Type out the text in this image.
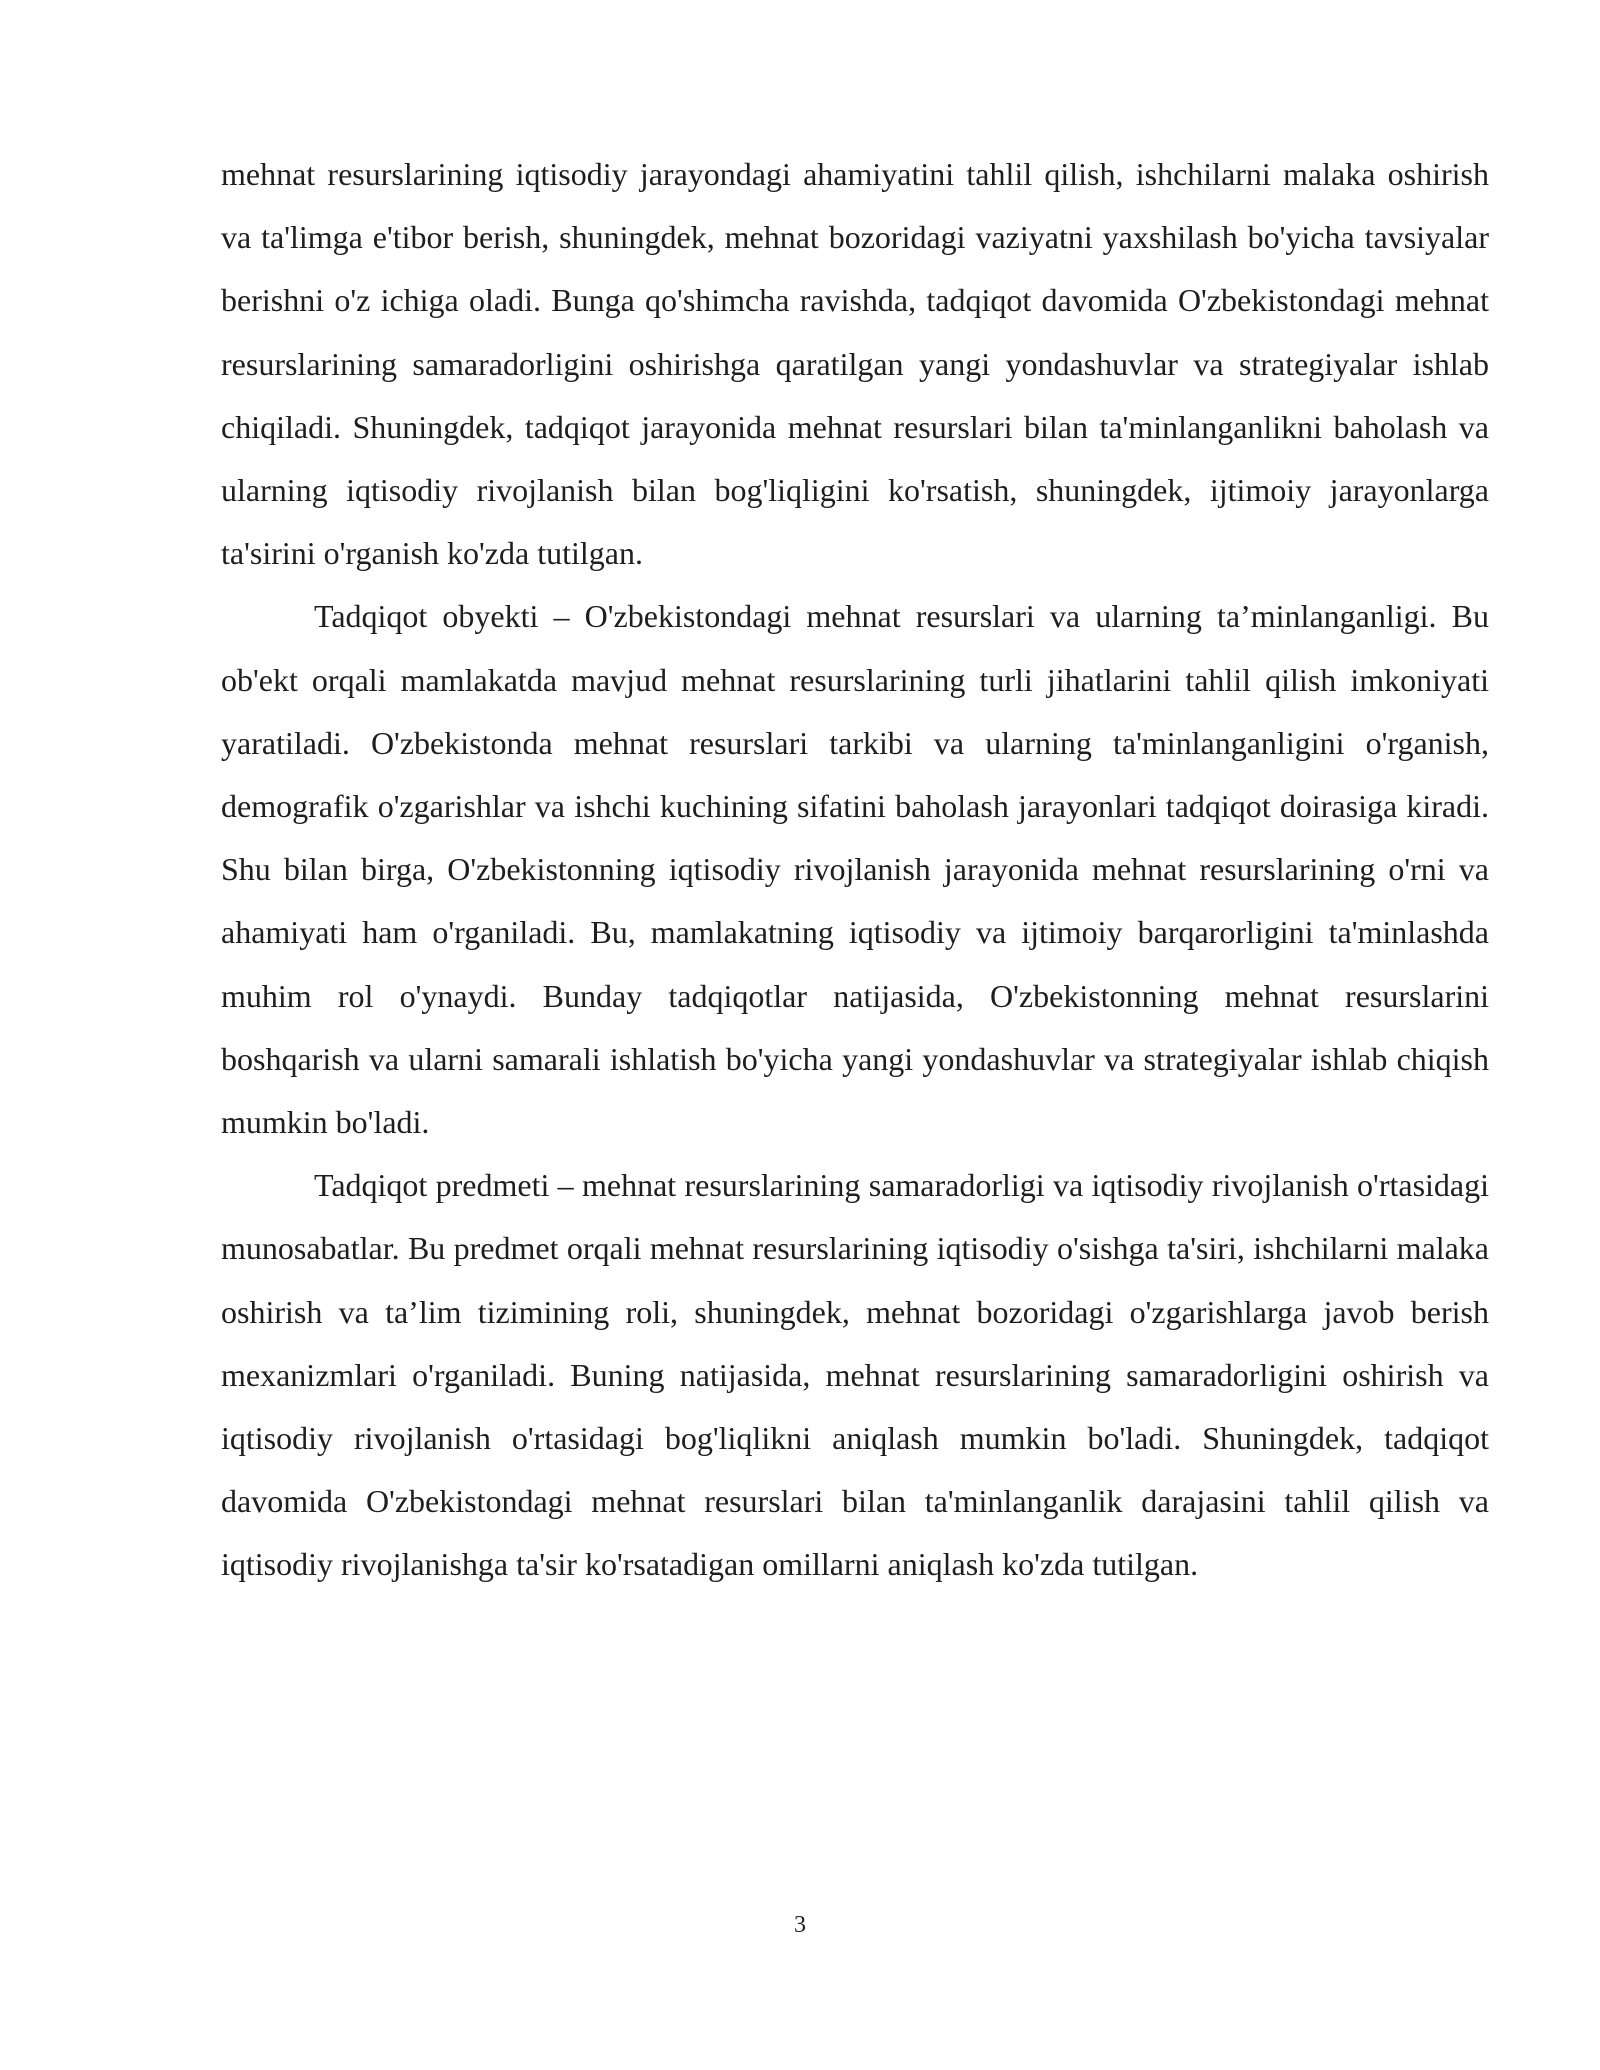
mehnat resurslarining iqtisodiy jarayondagi ahamiyatini tahlil qilish, ishchilarni malaka oshirish va ta'limga e'tibor berish, shuningdek, mehnat bozoridagi vaziyatni yaxshilash bo'yicha tavsiyalar berishni o'z ichiga oladi. Bunga qo'shimcha ravishda, tadqiqot davomida O'zbekistondagi mehnat resurslarining samaradorligini oshirishga qaratilgan yangi yondashuvlar va strategiyalar ishlab chiqiladi. Shuningdek, tadqiqot jarayonida mehnat resurslari bilan ta'minlanganlikni baholash va ularning iqtisodiy rivojlanish bilan bog'liqligini ko'rsatish, shuningdek, ijtimoiy jarayonlarga ta'sirini o'rganish ko'zda tutilgan.

Tadqiqot obyekti – O'zbekistondagi mehnat resurslari va ularning ta’minlanganligi. Bu ob'ekt orqali mamlakatda mavjud mehnat resurslarining turli jihatlarini tahlil qilish imkoniyati yaratiladi. O'zbekistonda mehnat resurslari tarkibi va ularning ta'minlanganligini o'rganish, demografik o'zgarishlar va ishchi kuchining sifatini baholash jarayonlari tadqiqot doirasiga kiradi. Shu bilan birga, O'zbekistonning iqtisodiy rivojlanish jarayonida mehnat resurslarining o'rni va ahamiyati ham o'rganiladi. Bu, mamlakatning iqtisodiy va ijtimoiy barqarorligini ta'minlashda muhim rol o'ynaydi. Bunday tadqiqotlar natijasida, O'zbekistonning mehnat resurslarini boshqarish va ularni samarali ishlatish bo'yicha yangi yondashuvlar va strategiyalar ishlab chiqish mumkin bo'ladi.

Tadqiqot predmeti – mehnat resurslarining samaradorligi va iqtisodiy rivojlanish o'rtasidagi munosabatlar. Bu predmet orqali mehnat resurslarining iqtisodiy o'sishga ta'siri, ishchilarni malaka oshirish va ta’lim tizimining roli, shuningdek, mehnat bozoridagi o'zgarishlarga javob berish mexanizmlari o'rganiladi. Buning natijasida, mehnat resurslarining samaradorligini oshirish va iqtisodiy rivojlanish o'rtasidagi bog'liqlikni aniqlash mumkin bo'ladi. Shuningdek, tadqiqot davomida O'zbekistondagi mehnat resurslari bilan ta'minlanganlik darajasini tahlil qilish va iqtisodiy rivojlanishga ta'sir ko'rsatadigan omillarni aniqlash ko'zda tutilgan.

3
